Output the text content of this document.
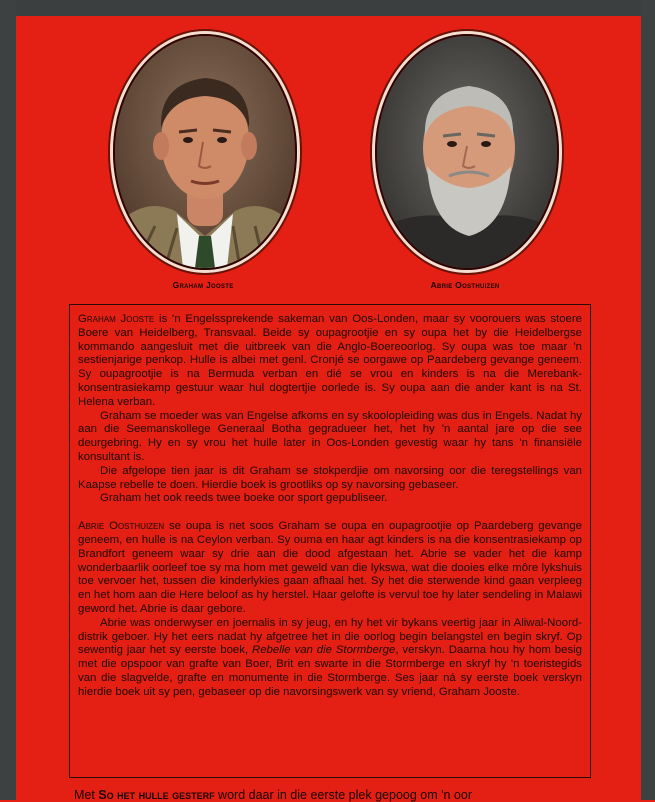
Graham Jooste	Abrie Oosthuizen

Graham Jooste is 'n Engelssprekende sakeman van Oos-Londen, maar sy voorouers was stoere Boere van Heidelberg, Transvaal. Beide sy oupagrootjie en sy oupa het by die Heidelbergse kommando aangesluit met die uitbreek van die Anglo-Boereoorlog. Sy oupa was toe maar 'n sestienjarige penkop. Hulle is albei met genl. Cronjé se oorgawe op Paardeberg gevange geneem. Sy oupagrootjie is na Bermuda verban en dié se vrou en kinders is na die Merebank-konsentrasiekamp gestuur waar hul dogtertjie oorlede is. Sy oupa aan die ander kant is na St. Helena verban.

Graham se moeder was van Engelse afkoms en sy skoolopleiding was dus in Engels. Nadat hy aan die Seemanskollege Generaal Botha gegradueer het, het hy 'n aantal jare op die see deurgebring. Hy en sy vrou het hulle later in Oos-Londen gevestig waar hy tans 'n finansiële konsultant is.

Die afgelope tien jaar is dit Graham se stokperdjie om navorsing oor die teregstellings van Kaapse rebelle te doen. Hierdie boek is grootliks op sy navorsing gebaseer.

Graham het ook reeds twee boeke oor sport gepubliseer.

Abrie Oosthuizen se oupa is net soos Graham se oupa en oupagrootjie op Paardeberg gevange geneem, en hulle is na Ceylon verban. Sy ouma en haar agt kinders is na die konsentrasiekamp op Brandfort geneem waar sy drie aan die dood afgestaan het. Abrie se vader het die kamp wonderbaarlik oorleef toe sy ma hom met geweld van die lykswa, wat die dooies elke môre lykshuis toe vervoer het, tussen die kinderlykies gaan afhaal het. Sy het die sterwende kind gaan verpleeg en het hom aan die Here beloof as hy herstel. Haar gelofte is vervul toe hy later sendeling in Malawi geword het. Abrie is daar gebore.

Abrie was onderwyser en joernalis in sy jeug, en hy het vir bykans veertig jaar in Aliwal-Noord-distrik geboer. Hy het eers nadat hy afgetree het in die oorlog begin belangstel en begin skryf. Op sewentig jaar het sy eerste boek, Rebelle van die Stormberge, verskyn. Daarna hou hy hom besig met die opspoor van grafte van Boer, Brit en swarte in die Stormberge en skryf hy 'n toeristegids van die slagvelde, grafte en monumente in die Stormberge. Ses jaar ná sy eerste boek verskyn hierdie boek uit sy pen, gebaseer op die navorsingswerk van sy vriend, Graham Jooste.

Met So het hulle gesterf word daar in die eerste plek gepoog om 'n oor
